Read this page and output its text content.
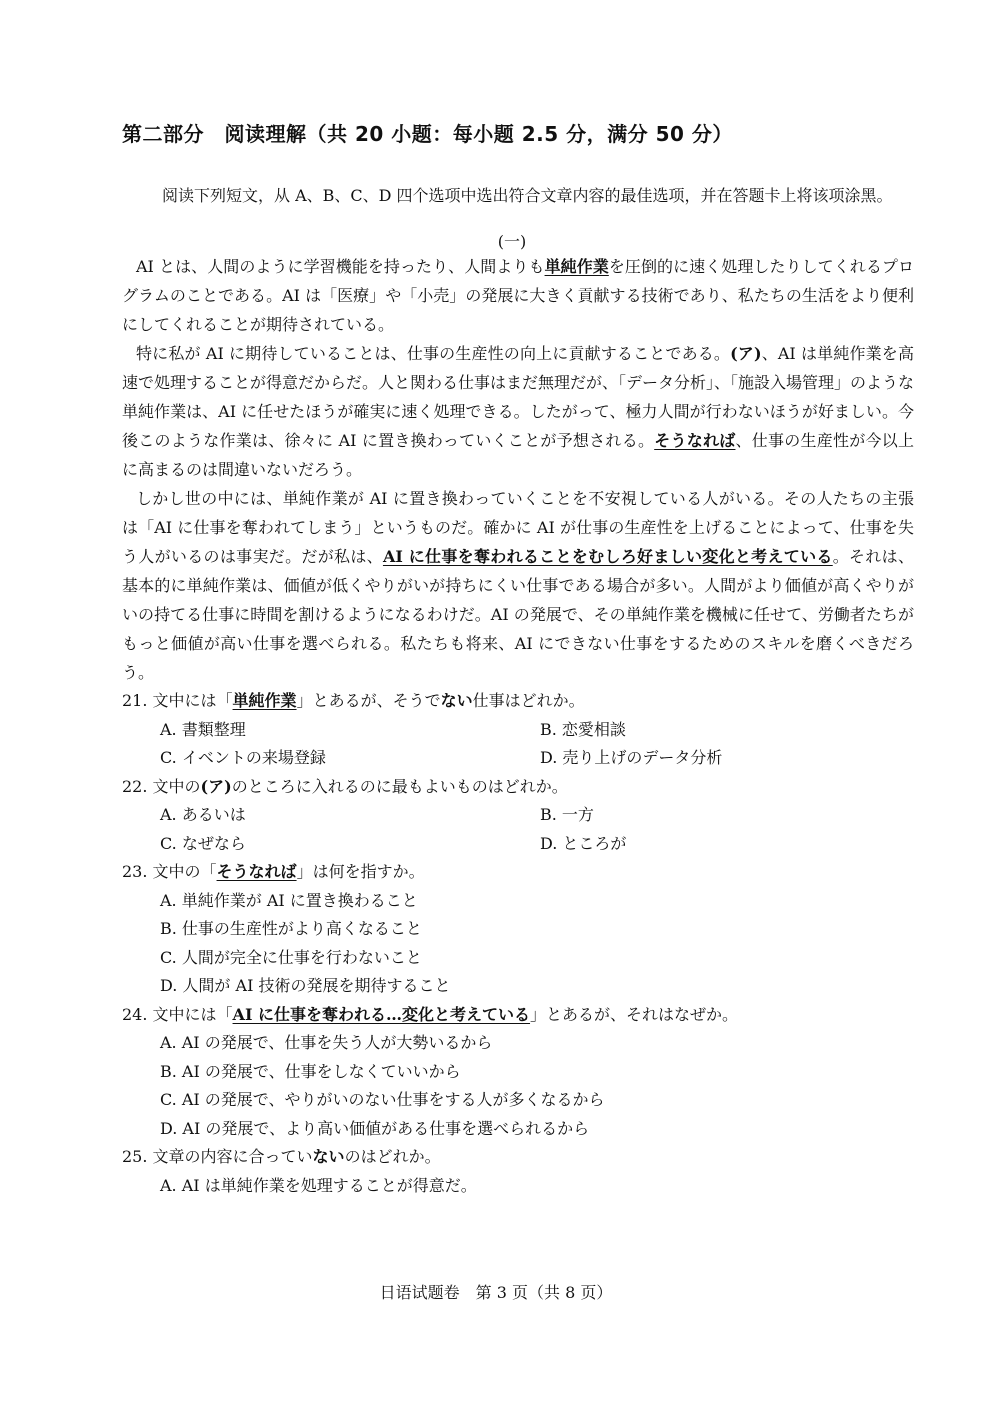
第二部分　阅读理解（共 20 小题：每小题 2.5 分，满分 50 分）

阅读下列短文，从 A、B、C、D 四个选项中选出符合文章内容的最佳选项，并在答题卡上将该项涂黑。

(一)

AI とは、人間のように学習機能を持ったり、人間よりも単純作業を圧倒的に速く処理したりしてくれるプログラムのことである。AI は「医療」や「小売」の発展に大きく貢献する技術であり、私たちの生活をより便利にしてくれることが期待されている。

特に私が AI に期待していることは、仕事の生産性の向上に貢献することである。(ア)、AI は単純作業を高速で処理することが得意だからだ。人と関わる仕事はまだ無理だが、「データ分析」、「施設入場管理」のような単純作業は、AI に任せたほうが確実に速く処理できる。したがって、極力人間が行わないほうが好ましい。今後このような作業は、徐々に AI に置き換わっていくことが予想される。そうなれば、仕事の生産性が今以上に高まるのは間違いないだろう。

しかし世の中には、単純作業が AI に置き換わっていくことを不安視している人がいる。その人たちの主張は「AI に仕事を奪われてしまう」というものだ。確かに AI が仕事の生産性を上げることによって、仕事を失う人がいるのは事実だ。だが私は、AI に仕事を奪われることをむしろ好ましい変化と考えている。それは、基本的に単純作業は、価値が低くやりがいが持ちにくい仕事である場合が多い。人間がより価値が高くやりがいの持てる仕事に時間を割けるようになるわけだ。AI の発展で、その単純作業を機械に任せて、労働者たちがもっと価値が高い仕事を選べられる。私たちも将来、AI にできない仕事をするためのスキルを磨くべきだろう。

21. 文中には「単純作業」とあるが、そうでない仕事はどれか。

A. 書類整理	B. 恋愛相談
C. イベントの来場登録	D. 売り上げのデータ分析

22. 文中の(ア)のところに入れるのに最もよいものはどれか。

A. あるいは	B. 一方
C. なぜなら	D. ところが

23. 文中の「そうなれば」は何を指すか。

A. 単純作業が AI に置き換わること
B. 仕事の生産性がより高くなること
C. 人間が完全に仕事を行わないこと
D. 人間が AI 技術の発展を期待すること

24. 文中には「AI に仕事を奪われる…変化と考えている」とあるが、それはなぜか。

A. AI の発展で、仕事を失う人が大勢いるから
B. AI の発展で、仕事をしなくていいから
C. AI の発展で、やりがいのない仕事をする人が多くなるから
D. AI の発展で、より高い価値がある仕事を選べられるから

25. 文章の内容に合っていないのはどれか。

A. AI は単純作業を処理することが得意だ。
日语试题卷　第 3 页（共 8 页）
